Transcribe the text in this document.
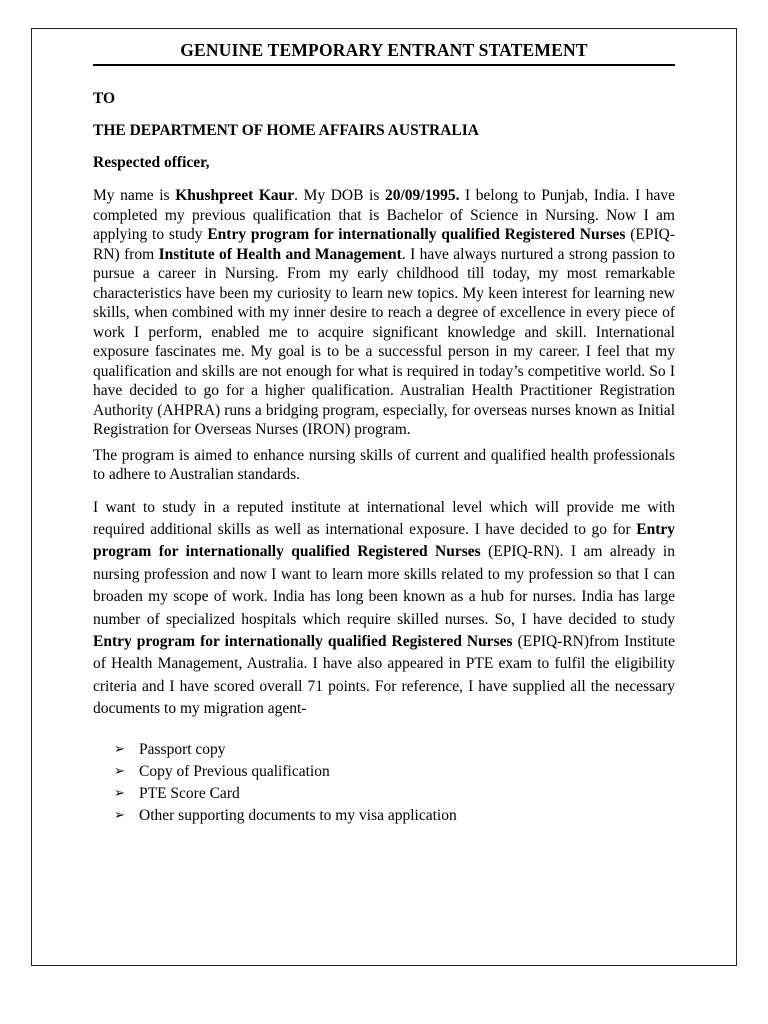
GENUINE TEMPORARY ENTRANT STATEMENT
TO
THE DEPARTMENT OF HOME AFFAIRS AUSTRALIA
Respected officer,

My name is Khushpreet Kaur. My DOB is 20/09/1995. I belong to Punjab, India. I have completed my previous qualification that is Bachelor of Science in Nursing. Now I am applying to study Entry program for internationally qualified Registered Nurses (EPIQ-RN) from Institute of Health and Management. I have always nurtured a strong passion to pursue a career in Nursing. From my early childhood till today, my most remarkable characteristics have been my curiosity to learn new topics. My keen interest for learning new skills, when combined with my inner desire to reach a degree of excellence in every piece of work I perform, enabled me to acquire significant knowledge and skill. International exposure fascinates me. My goal is to be a successful person in my career. I feel that my qualification and skills are not enough for what is required in today’s competitive world. So I have decided to go for a higher qualification. Australian Health Practitioner Registration Authority (AHPRA) runs a bridging program, especially, for overseas nurses known as Initial Registration for Overseas Nurses (IRON) program.

The program is aimed to enhance nursing skills of current and qualified health professionals to adhere to Australian standards.

I want to study in a reputed institute at international level which will provide me with required additional skills as well as international exposure. I have decided to go for Entry program for internationally qualified Registered Nurses (EPIQ-RN). I am already in nursing profession and now I want to learn more skills related to my profession so that I can broaden my scope of work. India has long been known as a hub for nurses. India has large number of specialized hospitals which require skilled nurses. So, I have decided to study Entry program for internationally qualified Registered Nurses (EPIQ-RN)from Institute of Health Management, Australia. I have also appeared in PTE exam to fulfil the eligibility criteria and I have scored overall 71 points. For reference, I have supplied all the necessary documents to my migration agent-

➢ Passport copy
➢ Copy of Previous qualification
➢ PTE Score Card
➢ Other supporting documents to my visa application
